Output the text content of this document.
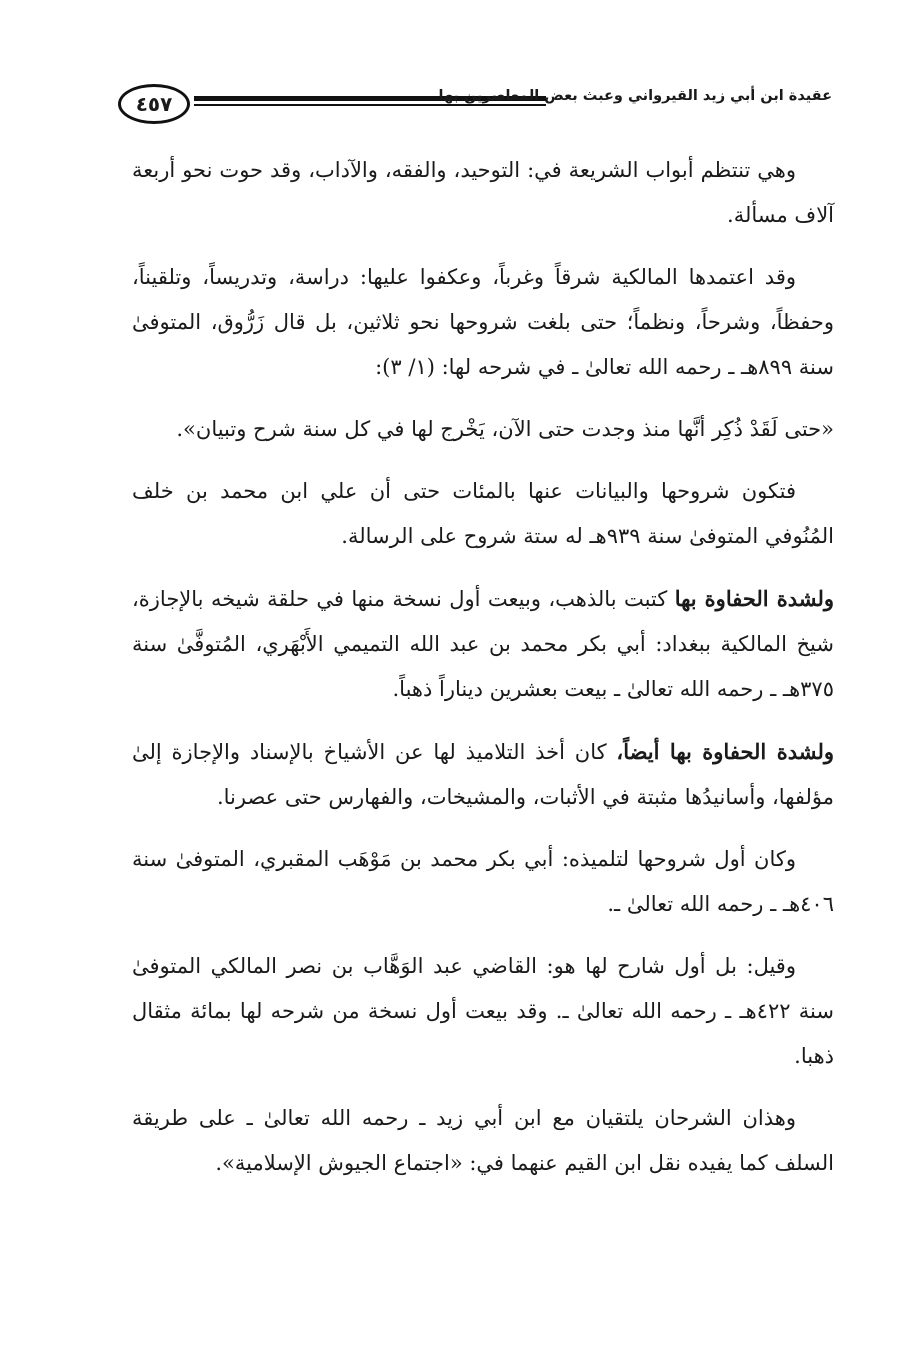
٤٥٧	عقيدة ابن أبي زيد القيرواني وعبث بعض المعاصرين بها

وهي تنتظم أبواب الشريعة في: التوحيد، والفقه، والآداب، وقد حوت نحو أربعة آلاف مسألة.

وقد اعتمدها المالكية شرقاً وغرباً، وعكفوا عليها: دراسة، وتدريساً، وتلقيناً، وحفظاً، وشرحاً، ونظماً؛ حتى بلغت شروحها نحو ثلاثين، بل قال زَرُّوق، المتوفىٰ سنة ٨٩٩هـ ـ رحمه الله تعالىٰ ـ في شرحه لها: (١/ ٣):

«حتى لَقَدْ ذُكِر أنَّها منذ وجدت حتى الآن، يَخْرج لها في كل سنة شرح وتبيان».

فتكون شروحها والبيانات عنها بالمئات حتى أن علي ابن محمد بن خلف المُنُوفي المتوفىٰ سنة ٩٣٩هـ له ستة شروح على الرسالة.

ولشدة الحفاوة بها كتبت بالذهب، وبيعت أول نسخة منها في حلقة شيخه بالإجازة، شيخ المالكية ببغداد: أبي بكر محمد بن عبد الله التميمي الأَبْهَري، المُتوفَّىٰ سنة ٣٧٥هـ ـ رحمه الله تعالىٰ ـ بيعت بعشرين ديناراً ذهباً.

ولشدة الحفاوة بها أيضاً، كان أخذ التلاميذ لها عن الأشياخ بالإسناد والإجازة إلىٰ مؤلفها، وأسانيدُها مثبتة في الأثبات، والمشيخات، والفهارس حتى عصرنا.

وكان أول شروحها لتلميذه: أبي بكر محمد بن مَوْهَب المقبري، المتوفىٰ سنة ٤٠٦هـ ـ رحمه الله تعالىٰ ـ.

وقيل: بل أول شارح لها هو: القاضي عبد الوَهَّاب بن نصر المالكي المتوفىٰ سنة ٤٢٢هـ ـ رحمه الله تعالىٰ ـ. وقد بيعت أول نسخة من شرحه لها بمائة مثقال ذهبا.

وهذان الشرحان يلتقيان مع ابن أبي زيد ـ رحمه الله تعالىٰ ـ على طريقة السلف كما يفيده نقل ابن القيم عنهما في: «اجتماع الجيوش الإسلامية».
